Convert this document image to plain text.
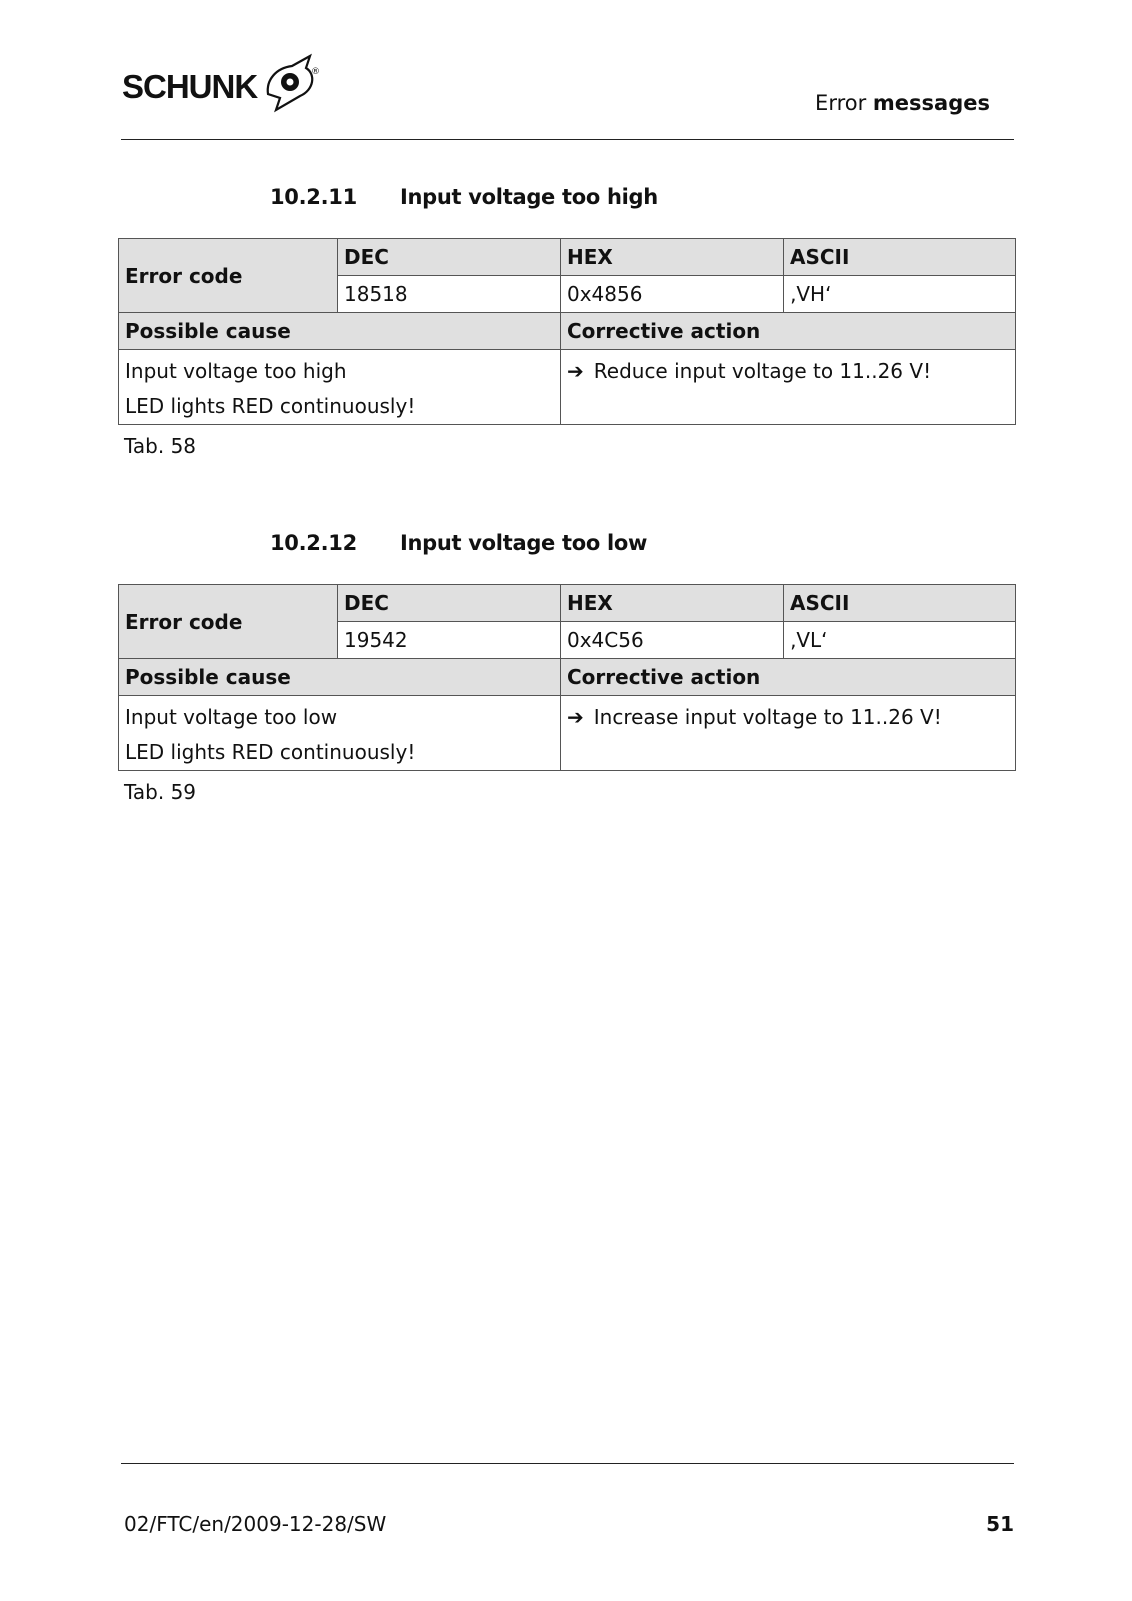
SCHUNK	®
Error messages
10.2.11 Input voltage too high
Error code	DEC	HEX	ASCII
	18518	0x4856	‚VH‘
Possible cause		Corrective action	

Input voltage too high
LED lights RED continuously!		➔ Reduce input voltage to 11..26 V!	
Tab. 58
10.2.12 Input voltage too low
Error code	DEC	HEX	ASCII
	19542	0x4C56	‚VL‘
Possible cause		Corrective action	

Input voltage too low
LED lights RED continuously!		➔ Increase input voltage to 11..26 V!	
Tab. 59
02/FTC/en/2009-12-28/SW	51
